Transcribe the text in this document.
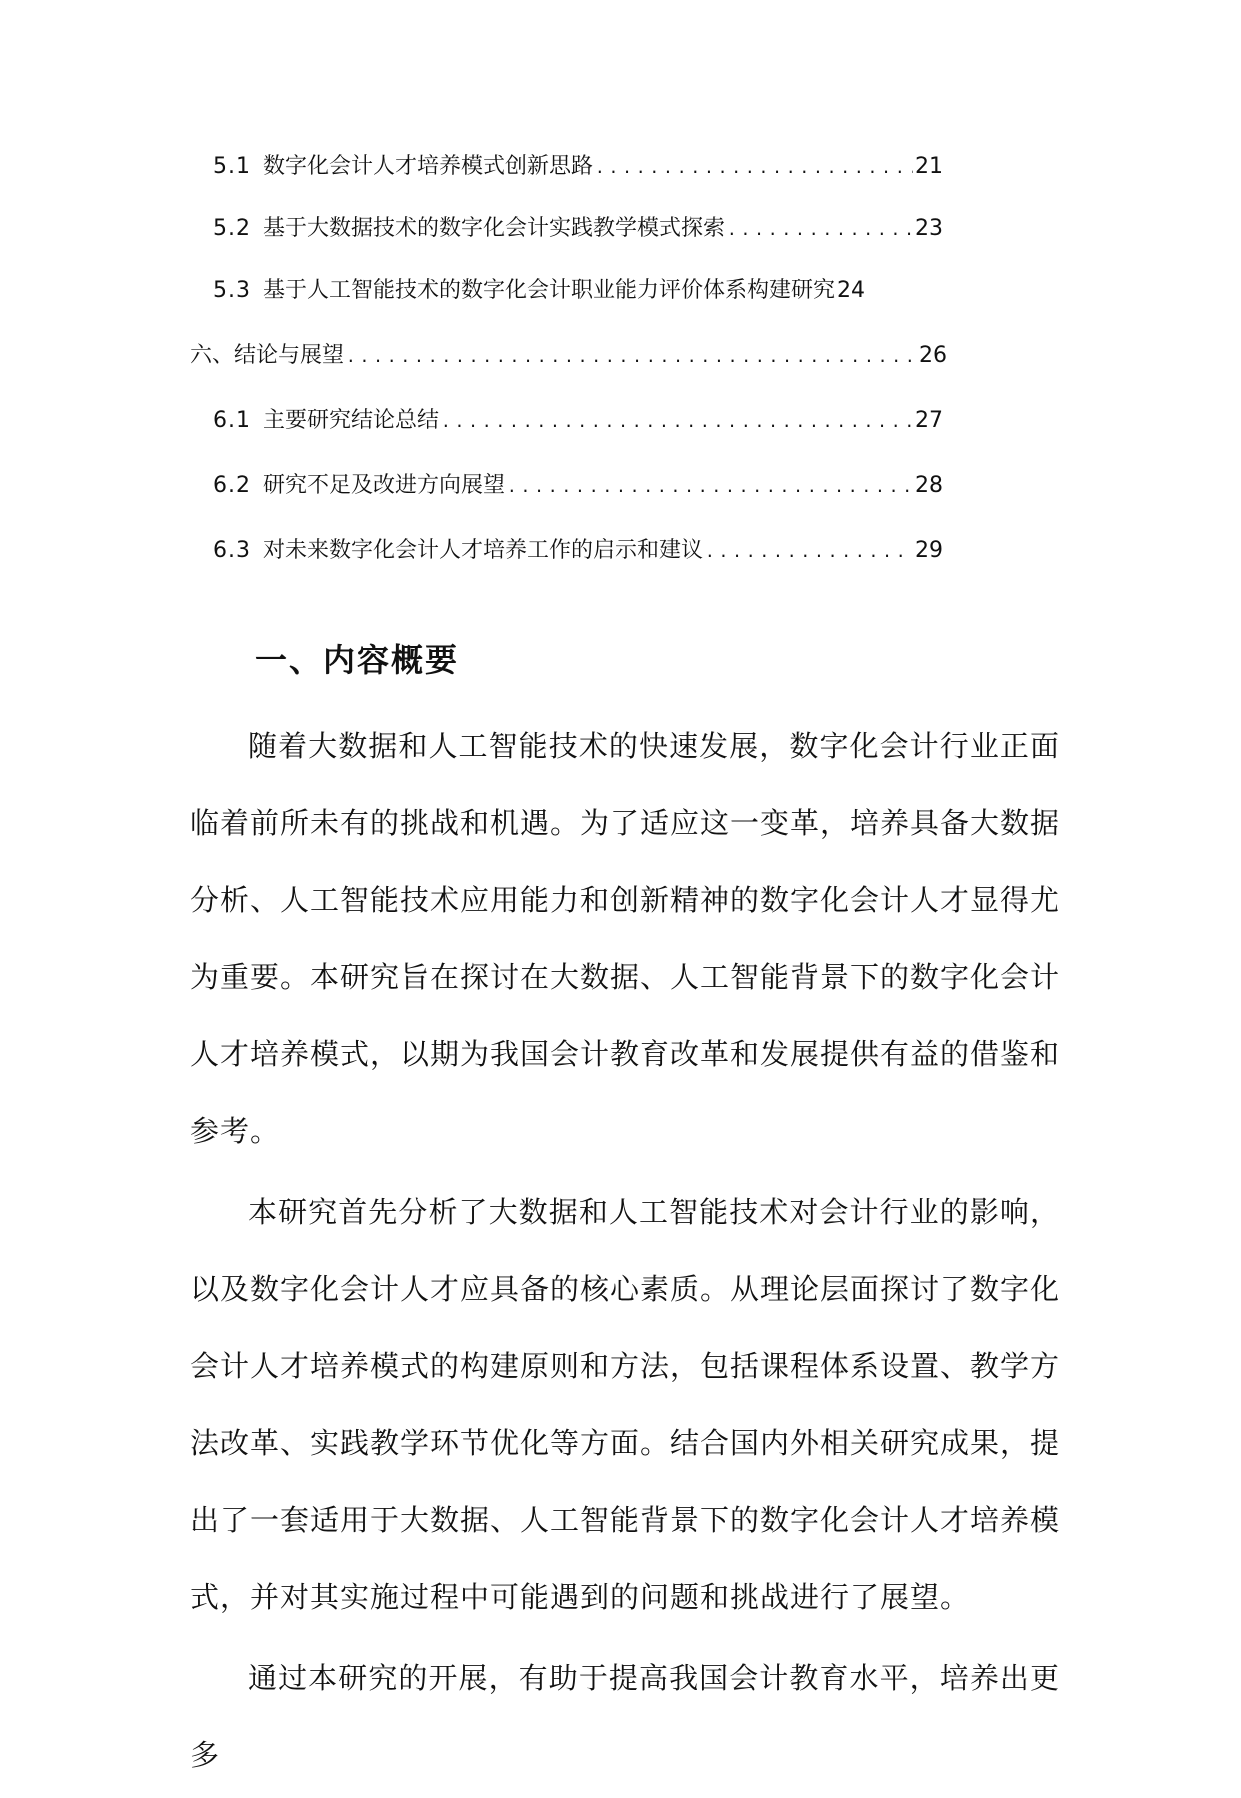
5.1 数字化会计人才培养模式创新思路 .....	21
5.2 基于大数据技术的数字化会计实践教学模式探索 .....	23
5.3 基于人工智能技术的数字化会计职业能力评价体系构建研究 24
六、结论与展望 .....	26
6.1 主要研究结论总结 .....	27
6.2 研究不足及改进方向展望 .....	28
6.3 对未来数字化会计人才培养工作的启示和建议 .....	29
一、内容概要

随着大数据和人工智能技术的快速发展，数字化会计行业正面临着前所未有的挑战和机遇。为了适应这一变革，培养具备大数据分析、人工智能技术应用能力和创新精神的数字化会计人才显得尤为重要。本研究旨在探讨在大数据、人工智能背景下的数字化会计人才培养模式，以期为我国会计教育改革和发展提供有益的借鉴和参考。

本研究首先分析了大数据和人工智能技术对会计行业的影响，以及数字化会计人才应具备的核心素质。从理论层面探讨了数字化会计人才培养模式的构建原则和方法，包括课程体系设置、教学方法改革、实践教学环节优化等方面。结合国内外相关研究成果，提出了一套适用于大数据、人工智能背景下的数字化会计人才培养模式，并对其实施过程中可能遇到的问题和挑战进行了展望。

通过本研究的开展，有助于提高我国会计教育水平，培养出更多
